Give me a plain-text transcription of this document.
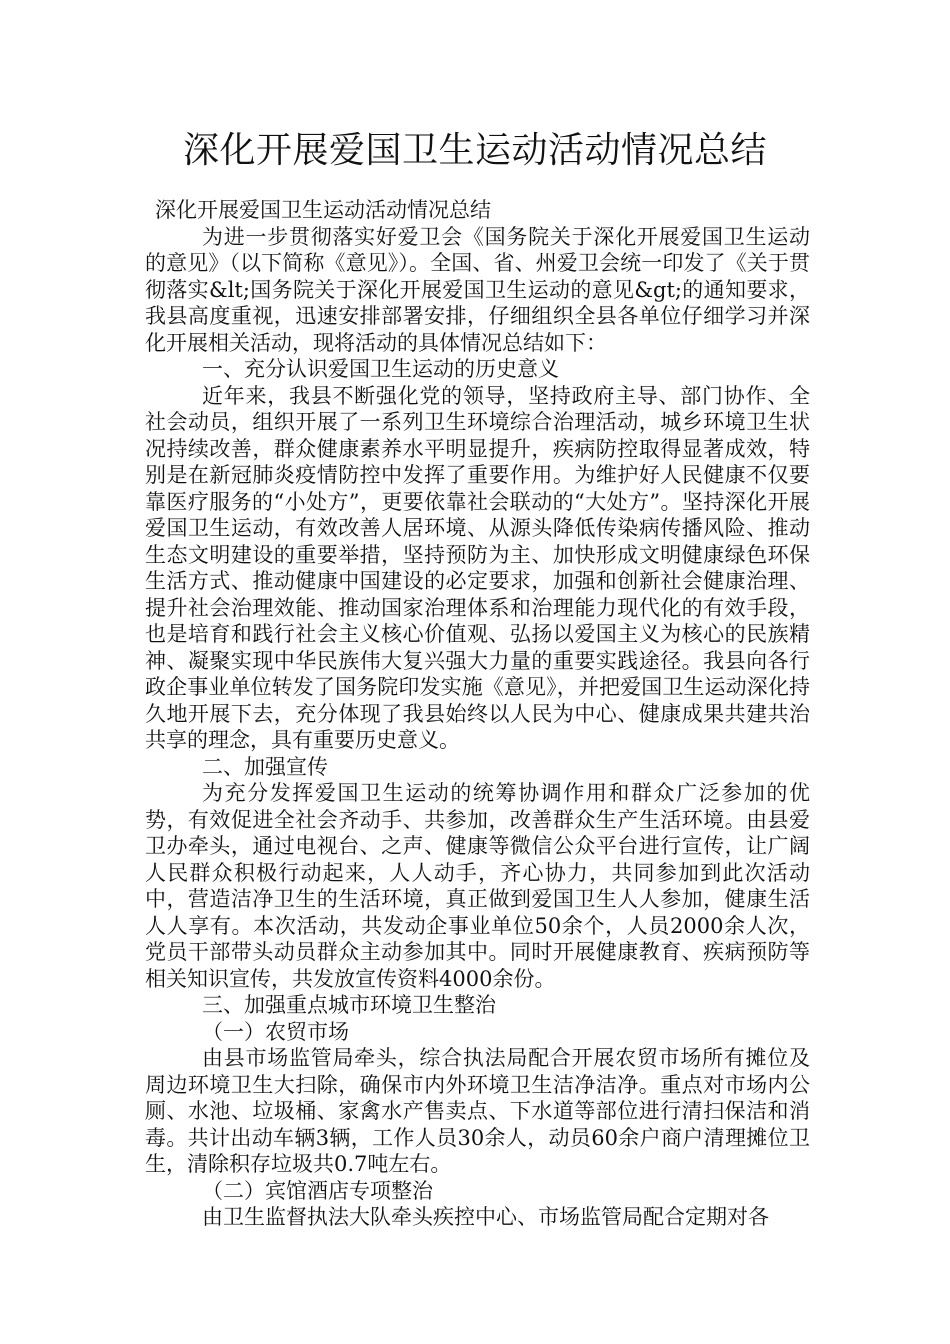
深化开展爱国卫生运动活动情况总结

深化开展爱国卫生运动活动情况总结

为进一步贯彻落实好爱卫会《国务院关于深化开展爱国卫生运动的意见》（以下简称《意见》）。全国、省、州爱卫会统一印发了《关于贯彻落实&lt;国务院关于深化开展爱国卫生运动的意见&gt;的通知要求，我县高度重视，迅速安排部署安排，仔细组织全县各单位仔细学习并深化开展相关活动，现将活动的具体情况总结如下：

一、充分认识爱国卫生运动的历史意义

近年来，我县不断强化党的领导，坚持政府主导、部门协作、全社会动员，组织开展了一系列卫生环境综合治理活动，城乡环境卫生状况持续改善，群众健康素养水平明显提升，疾病防控取得显著成效，特别是在新冠肺炎疫情防控中发挥了重要作用。为维护好人民健康不仅要靠医疗服务的“小处方”，更要依靠社会联动的“大处方”。坚持深化开展爱国卫生运动，有效改善人居环境、从源头降低传染病传播风险、推动生态文明建设的重要举措，坚持预防为主、加快形成文明健康绿色环保生活方式、推动健康中国建设的必定要求，加强和创新社会健康治理、提升社会治理效能、推动国家治理体系和治理能力现代化的有效手段，也是培育和践行社会主义核心价值观、弘扬以爱国主义为核心的民族精神、凝聚实现中华民族伟大复兴强大力量的重要实践途径。我县向各行政企事业单位转发了国务院印发实施《意见》，并把爱国卫生运动深化持久地开展下去，充分体现了我县始终以人民为中心、健康成果共建共治共享的理念，具有重要历史意义。

二、加强宣传

为充分发挥爱国卫生运动的统筹协调作用和群众广泛参加的优势，有效促进全社会齐动手、共参加，改善群众生产生活环境。由县爱卫办牵头，通过电视台、之声、健康等微信公众平台进行宣传，让广阔人民群众积极行动起来，人人动手，齐心协力，共同参加到此次活动中，营造洁净卫生的生活环境，真正做到爱国卫生人人参加，健康生活人人享有。本次活动，共发动企事业单位50余个，人员2000余人次，党员干部带头动员群众主动参加其中。同时开展健康教育、疾病预防等相关知识宣传，共发放宣传资料4000余份。

三、加强重点城市环境卫生整治

（一）农贸市场

由县市场监管局牵头，综合执法局配合开展农贸市场所有摊位及周边环境卫生大扫除，确保市内外环境卫生洁净洁净。重点对市场内公厕、水池、垃圾桶、家禽水产售卖点、下水道等部位进行清扫保洁和消毒。共计出动车辆3辆，工作人员30余人，动员60余户商户清理摊位卫生，清除积存垃圾共0.7吨左右。

（二）宾馆酒店专项整治

由卫生监督执法大队牵头疾控中心、市场监管局配合定期对各
